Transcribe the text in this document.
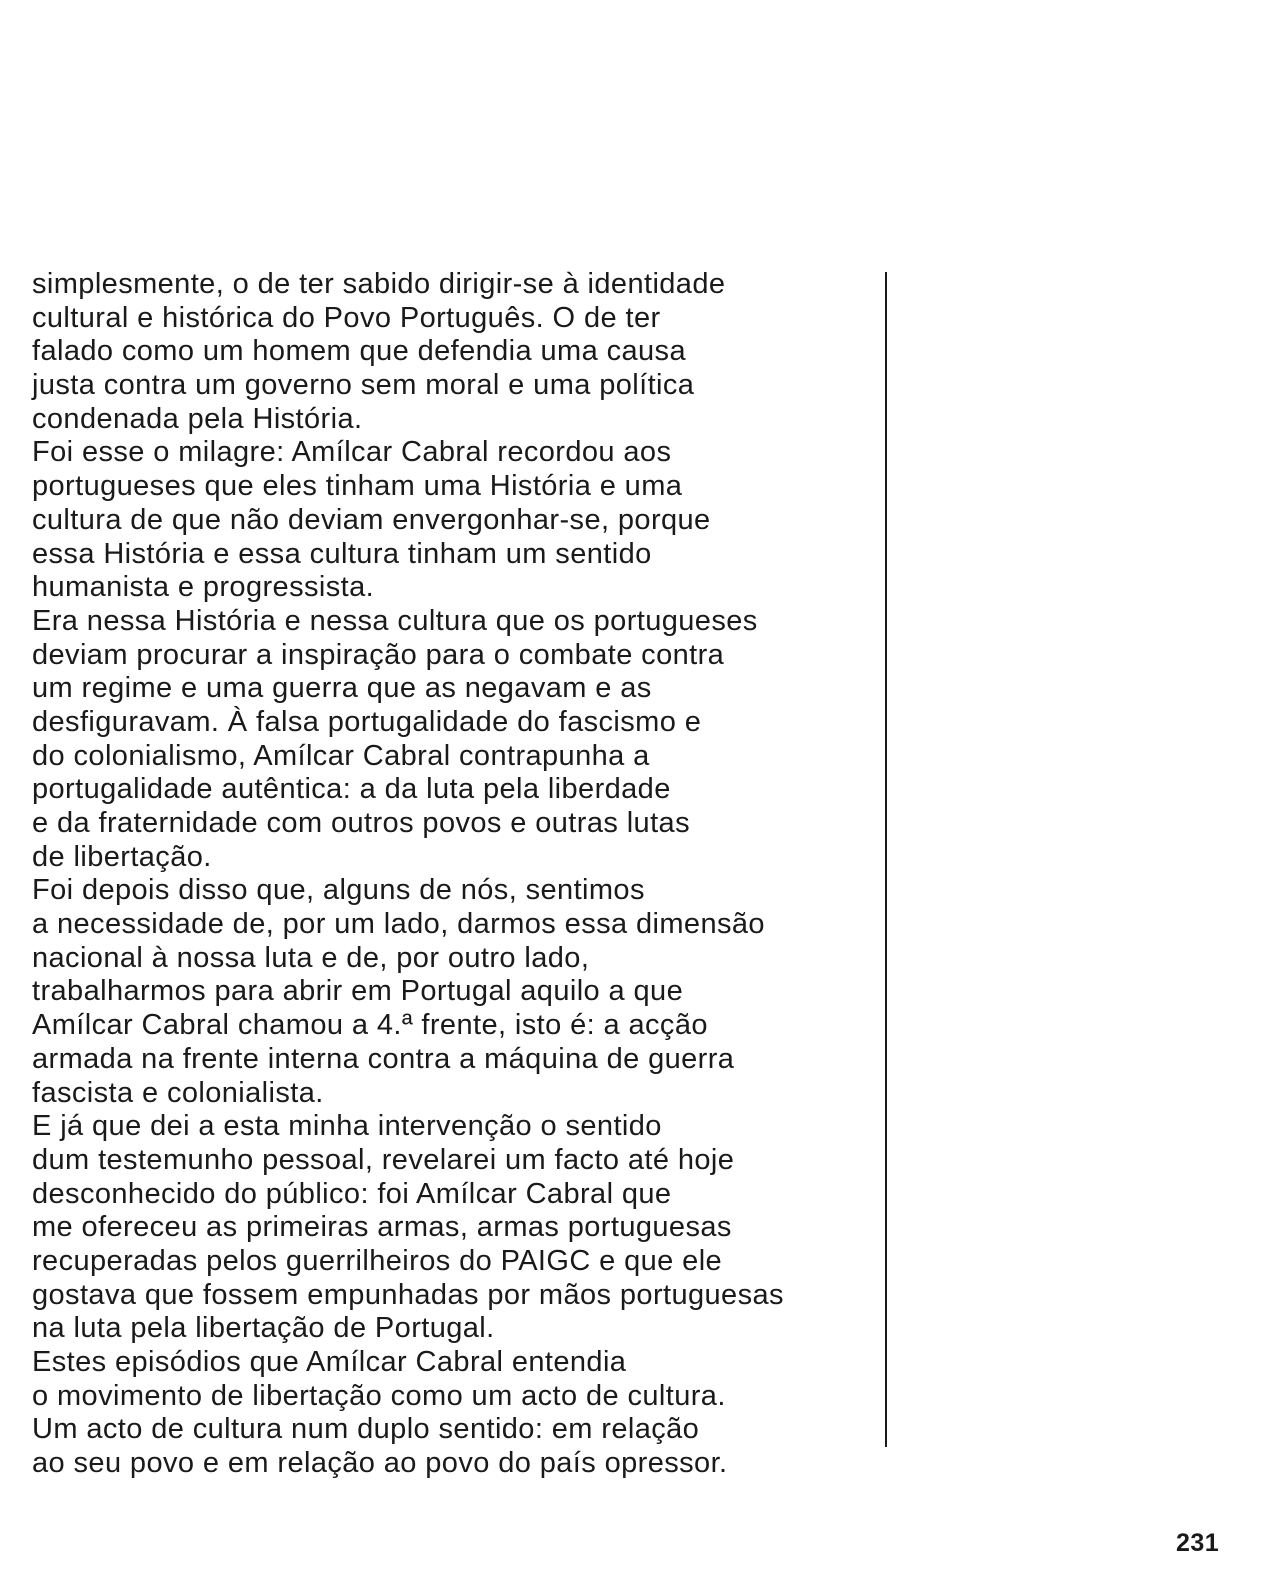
simplesmente, o de ter sabido dirigir-se à identidade
cultural e histórica do Povo Português. O de ter
falado como um homem que defendia uma causa
justa contra um governo sem moral e uma política
condenada pela História.
Foi esse o milagre: Amílcar Cabral recordou aos
portugueses que eles tinham uma História e uma
cultura de que não deviam envergonhar-se, porque
essa História e essa cultura tinham um sentido
humanista e progressista.
Era nessa História e nessa cultura que os portugueses
deviam procurar a inspiração para o combate contra
um regime e uma guerra que as negavam e as
desfiguravam. À falsa portugalidade do fascismo e
do colonialismo, Amílcar Cabral contrapunha a
portugalidade autêntica: a da luta pela liberdade
e da fraternidade com outros povos e outras lutas
de libertação.
Foi depois disso que, alguns de nós, sentimos
a necessidade de, por um lado, darmos essa dimensão
nacional à nossa luta e de, por outro lado,
trabalharmos para abrir em Portugal aquilo a que
Amílcar Cabral chamou a 4.ª frente, isto é: a acção
armada na frente interna contra a máquina de guerra
fascista e colonialista.
E já que dei a esta minha intervenção o sentido
dum testemunho pessoal, revelarei um facto até hoje
desconhecido do público: foi Amílcar Cabral que
me ofereceu as primeiras armas, armas portuguesas
recuperadas pelos guerrilheiros do PAIGC e que ele
gostava que fossem empunhadas por mãos portuguesas
na luta pela libertação de Portugal.
Estes episódios que Amílcar Cabral entendia
o movimento de libertação como um acto de cultura.
Um acto de cultura num duplo sentido: em relação
ao seu povo e em relação ao povo do país opressor.
231
